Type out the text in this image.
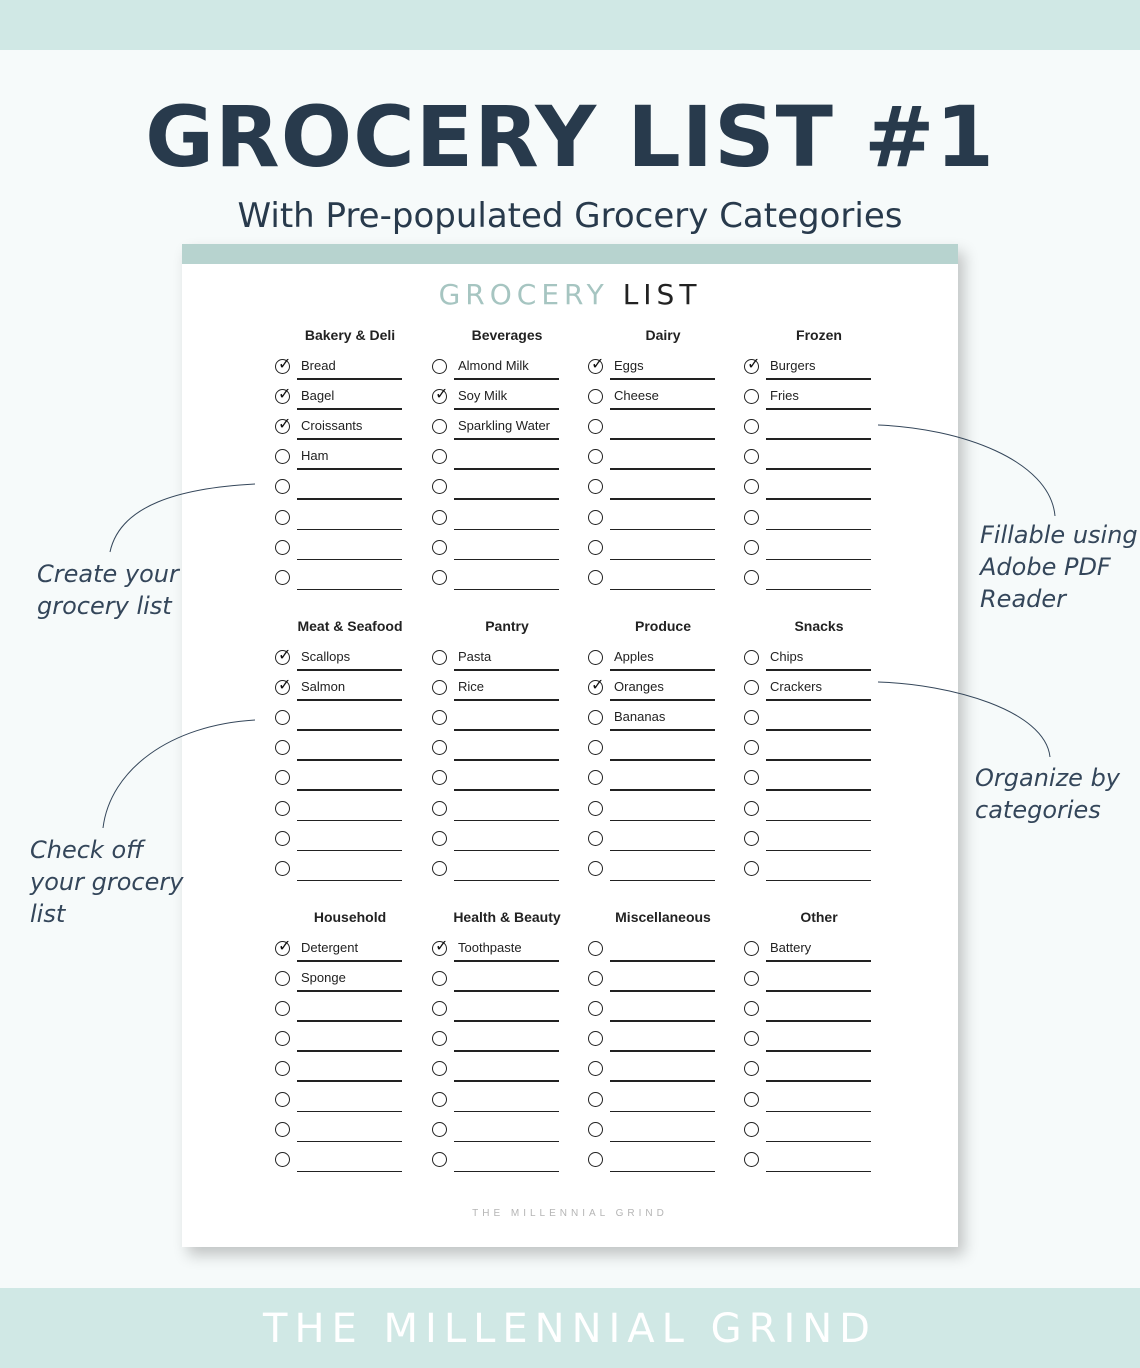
GROCERY LIST #1
With Pre-populated Grocery Categories
GROCERY LIST
Bakery & Deli
✓ Bread
✓ Bagel
✓ Croissants
Ham
Beverages
Almond Milk
✓ Soy Milk
Sparkling Water
Dairy
✓ Eggs
Cheese
Frozen
✓ Burgers
Fries
Meat & Seafood
✓ Scallops
✓ Salmon
Pantry
Pasta
Rice
Produce
Apples
✓ Oranges
Bananas
Snacks
Chips
Crackers
Household
✓ Detergent
Sponge
Health & Beauty
✓ Toothpaste
Miscellaneous	Other
Battery
THE MILLENNIAL GRIND
Create your
grocery list
Check off
your grocery
list
Fillable using
Adobe PDF
Reader
Organize by
categories
THE MILLENNIAL GRIND
